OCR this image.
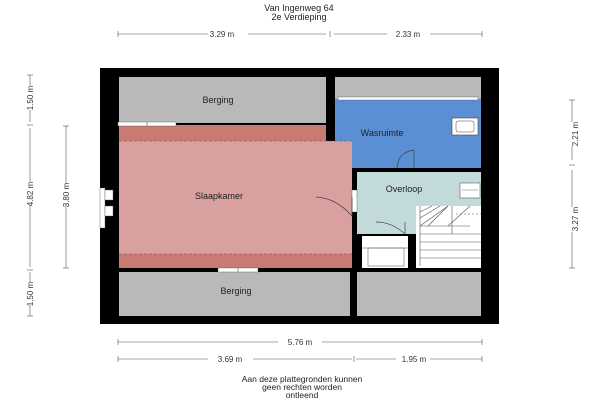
Van Ingenweg 64
2e Verdieping
3.29 m	2.33 m
1.50 m
4.82 m
1.50 m
3.80 m
2.21 m
3.27 m
Berging
Wasruimte
Slaapkamer
Overloop
Berging
5.76 m
3.69 m	1.95 m
Aan deze plattegronden kunnen
geen rechten worden
ontleend
